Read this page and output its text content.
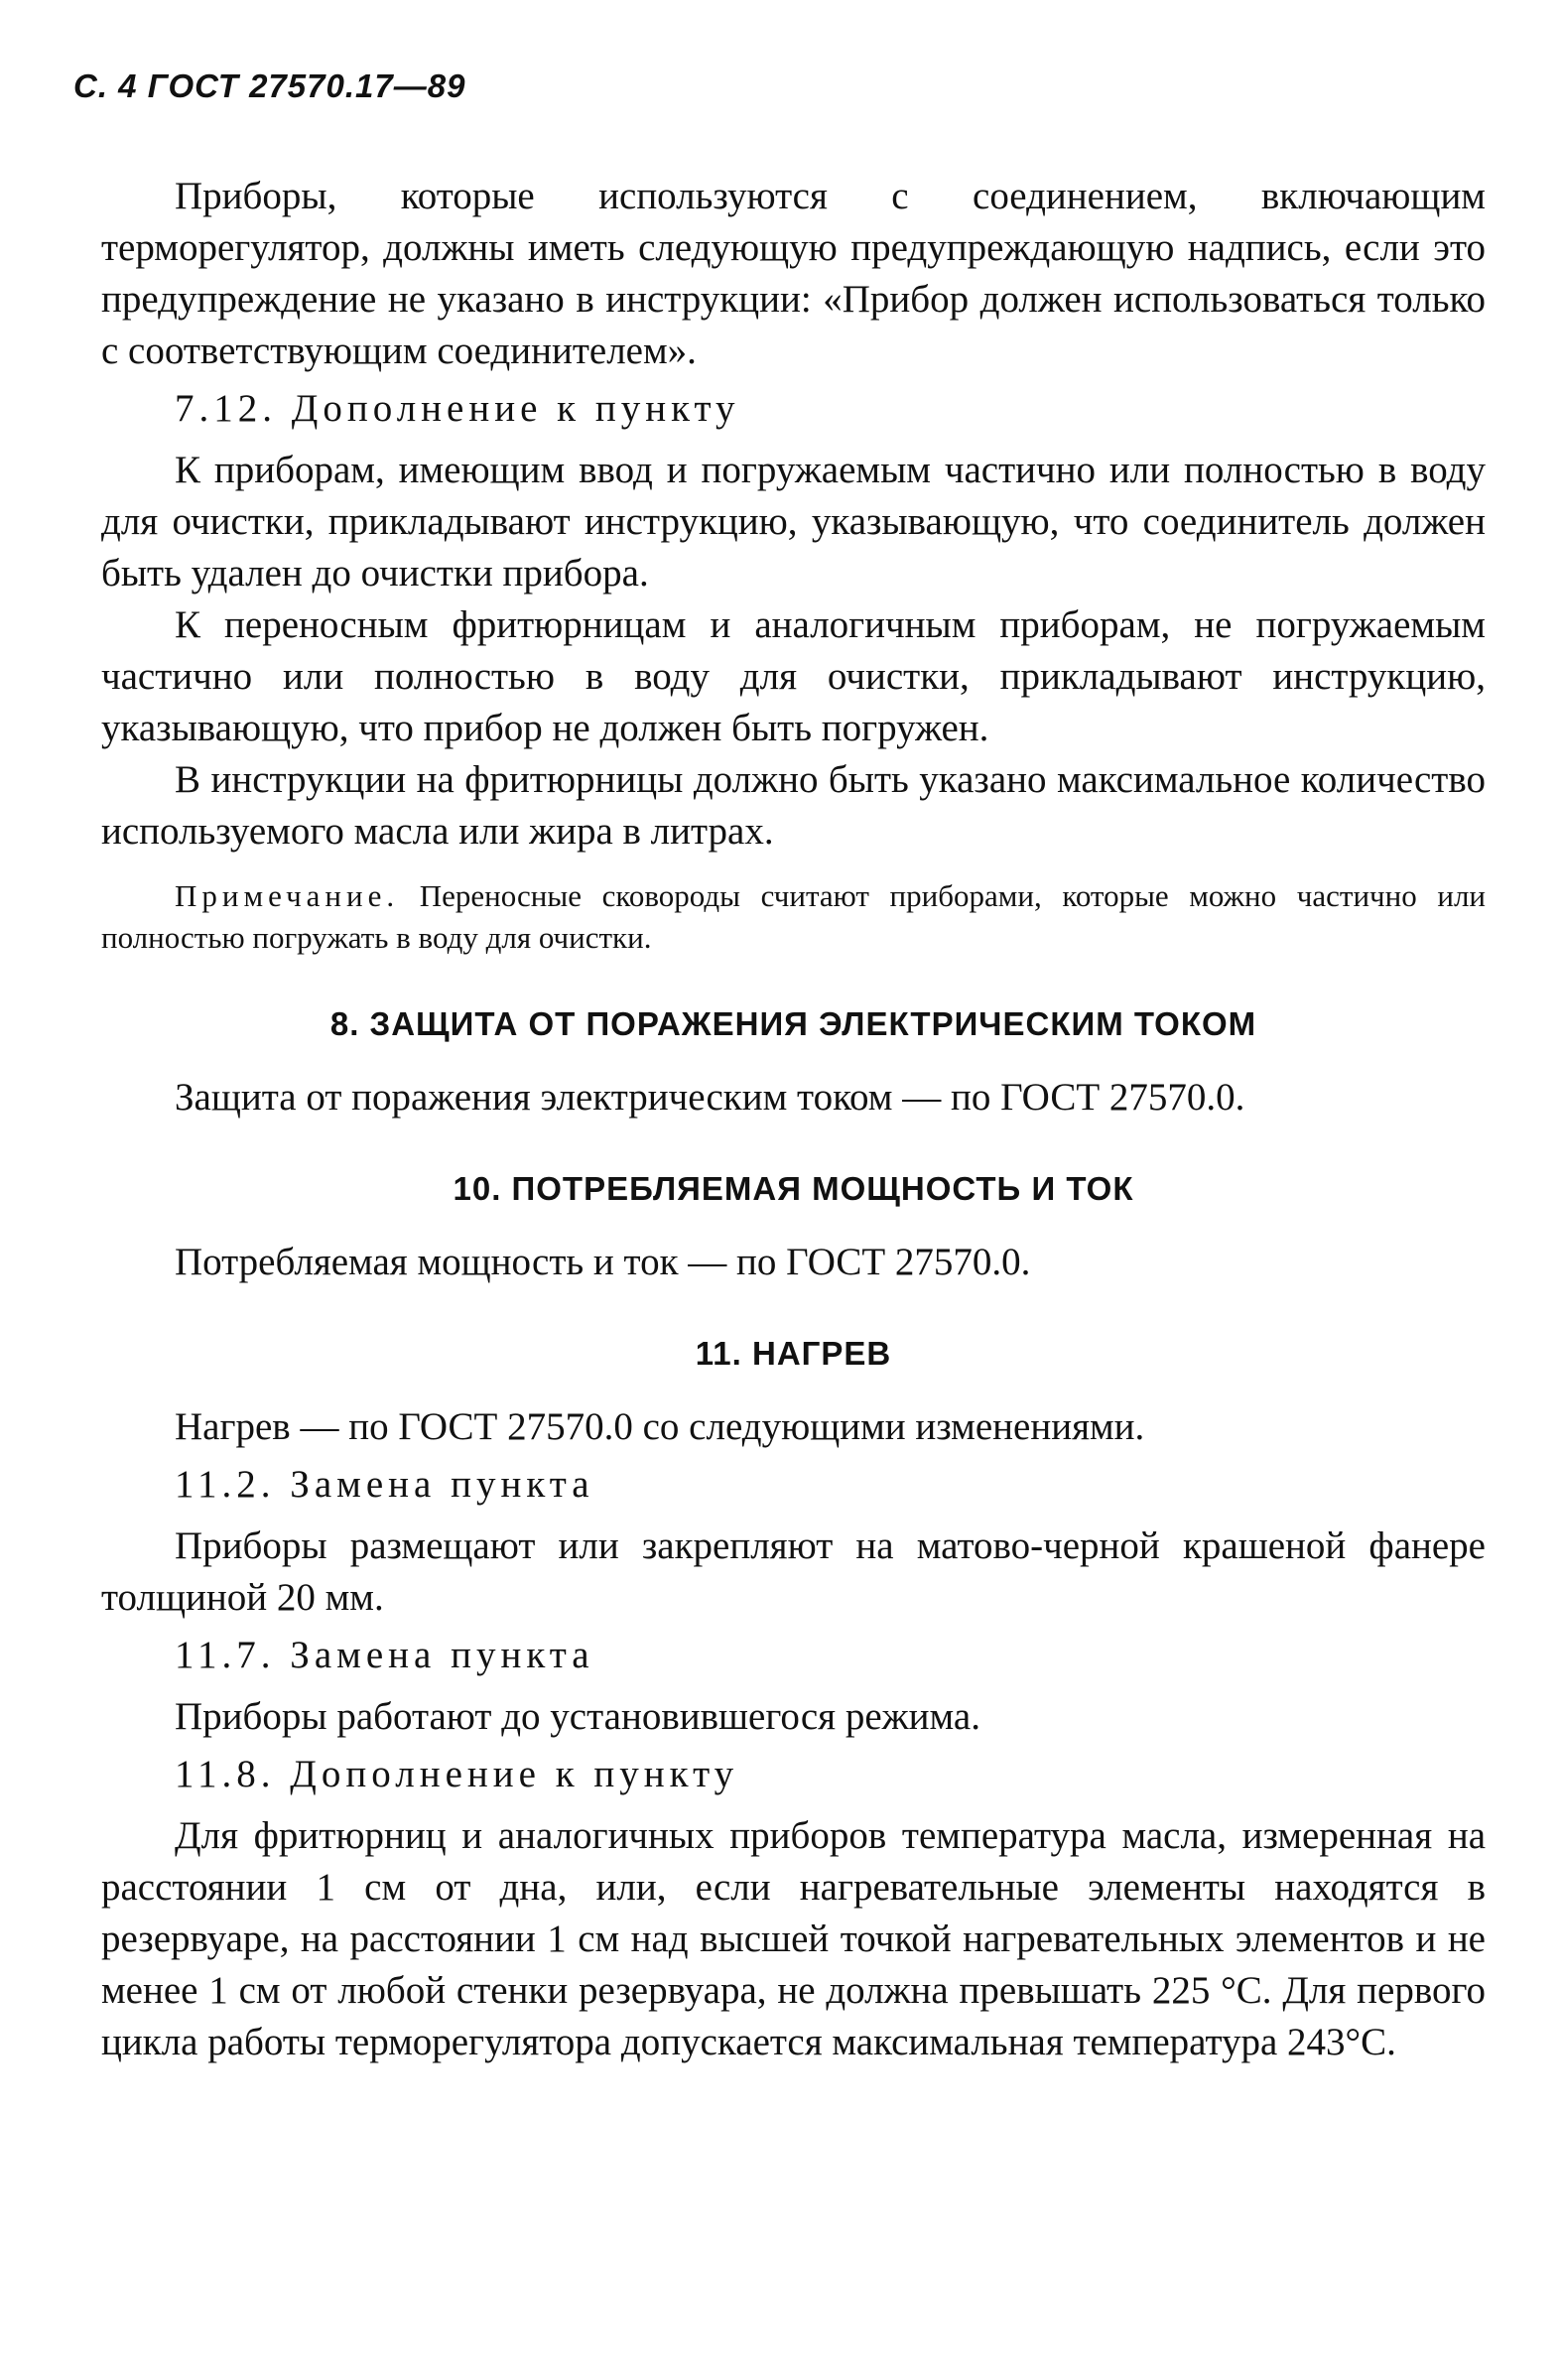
С. 4 ГОСТ 27570.17—89

Приборы, которые используются с соединением, включающим терморегулятор, должны иметь следующую предупреждающую надпись, если это предупреждение не указано в инструкции: «Прибор должен использоваться только с соответствующим соединителем».

7.12. Дополнение к пункту

К приборам, имеющим ввод и погружаемым частично или полностью в воду для очистки, прикладывают инструкцию, указывающую, что соединитель должен быть удален до очистки прибора.

К переносным фритюрницам и аналогичным приборам, не погружаемым частично или полностью в воду для очистки, прикладывают инструкцию, указывающую, что прибор не должен быть погружен.

В инструкции на фритюрницы должно быть указано максимальное количество используемого масла или жира в литрах.

Примечание. Переносные сковороды считают приборами, которые можно частично или полностью погружать в воду для очистки.

8. ЗАЩИТА ОТ ПОРАЖЕНИЯ ЭЛЕКТРИЧЕСКИМ ТОКОМ

Защита от поражения электрическим током — по ГОСТ 27570.0.

10. ПОТРЕБЛЯЕМАЯ МОЩНОСТЬ И ТОК

Потребляемая мощность и ток — по ГОСТ 27570.0.

11. НАГРЕВ

Нагрев — по ГОСТ 27570.0 со следующими изменениями.

11.2. Замена пункта

Приборы размещают или закрепляют на матово-черной крашеной фанере толщиной 20 мм.

11.7. Замена пункта

Приборы работают до установившегося режима.

11.8. Дополнение к пункту

Для фритюрниц и аналогичных приборов температура масла, измеренная на расстоянии 1 см от дна, или, если нагревательные элементы находятся в резервуаре, на расстоянии 1 см над высшей точкой нагревательных элементов и не менее 1 см от любой стенки резервуара, не должна превышать 225 °С. Для первого цикла работы терморегулятора допускается максимальная температура 243°С.
